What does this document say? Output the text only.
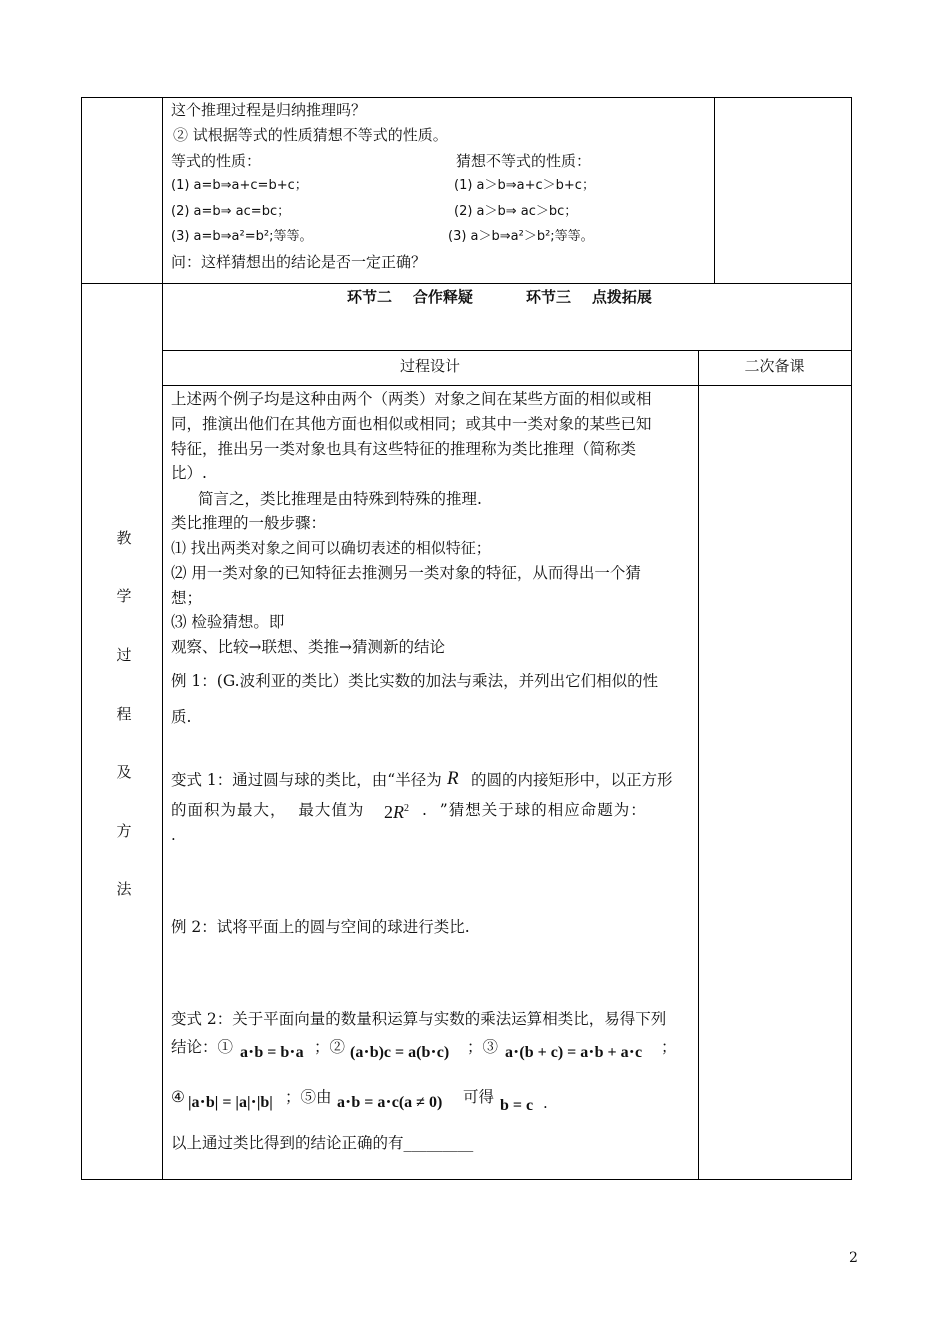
这个推理过程是归纳推理吗？
② 试根据等式的性质猜想不等式的性质。
等式的性质：	猜想不等式的性质：
(1) a=b⇒a+c=b+c；	(1) a＞b⇒a+c＞b+c；
(2) a=b⇒ ac=bc；	(2) a＞b⇒ ac＞bc；
(3) a=b⇒a²=b²;等等。	(3) a＞b⇒a²＞b²;等等。
问：这样猜想出的结论是否一定正确？
环节二    合作释疑	环节三    点拨拓展
过程设计	二次备课
教
学
过
程
及
方
法
上述两个例子均是这种由两个（两类）对象之间在某些方面的相似或相
同，推演出他们在其他方面也相似或相同；或其中一类对象的某些已知
特征，推出另一类对象也具有这些特征的推理称为类比推理（简称类
比）.
简言之，类比推理是由特殊到特殊的推理.
类比推理的一般步骤：
⑴ 找出两类对象之间可以确切表述的相似特征；
⑵ 用一类对象的已知特征去推测另一类对象的特征，从而得出一个猜
想；
⑶ 检验猜想。即
观察、比较→联想、类推→猜测新的结论
例 1：(G.波利亚的类比）类比实数的加法与乘法，并列出它们相似的性
质.
变式 1：通过圆与球的类比，由“半径为 R 的圆的内接矩形中，以正方形
的面积为最大，  最大值为 $2R^2$ .  ”猜想关于球的相应命题为：
.
例 2：试将平面上的圆与空间的球进行类比.
变式 2：关于平面向量的数量积运算与实数的乘法运算相类比，易得下列
结论：① a⋅b = b⋅a ；② (a⋅b)c = a(b⋅c) ；③ a⋅(b + c) = a⋅b + a⋅c ；
④ |a⋅b| = |a|⋅|b| ；⑤由 a⋅b = a⋅c(a ≠ 0) 可得 b = c .
以上通过类比得到的结论正确的有_________
2
